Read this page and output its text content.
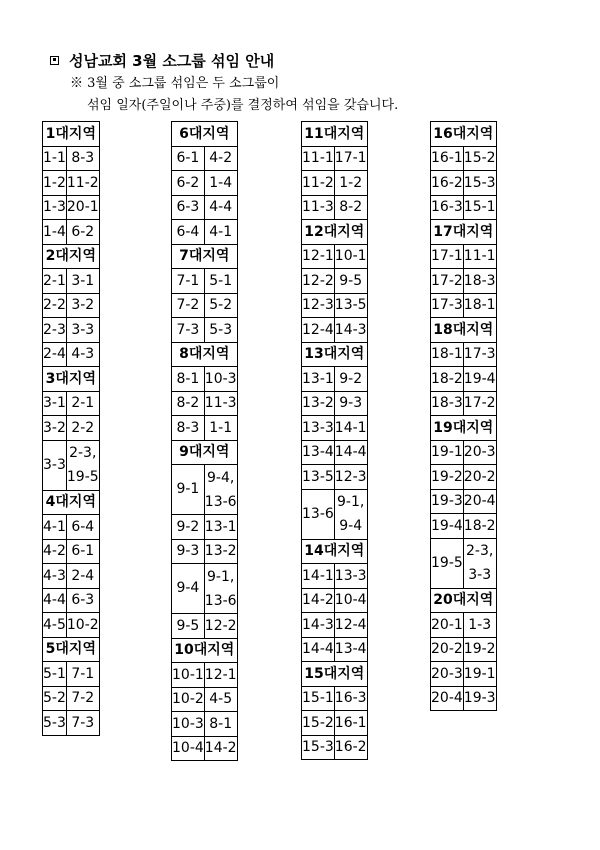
성남교회 3월 소그룹 섞임 안내
※ 3월 중 소그룹 섞임은 두 소그룹이
섞임 일자(주일이나 주중)를 결정하여 섞임을 갖습니다.
1대지역	
1-1	8-3
1-2	11-2
1-3	20-1
1-4	6-2
2대지역	
2-1	3-1
2-2	3-2
2-3	3-3
2-4	4-3
3대지역	
3-1	2-1
3-2	2-2
3-3	2-3,
19-5

4대지역	
4-1	6-4
4-2	6-1
4-3	2-4
4-4	6-3
4-5	10-2
5대지역	
5-1	7-1
5-2	7-2
5-3	7-3
6대지역	
6-1	4-2
6-2	1-4
6-3	4-4
6-4	4-1
7대지역	
7-1	5-1
7-2	5-2
7-3	5-3
8대지역	
8-1	10-3
8-2	11-3
8-3	1-1
9대지역	
9-1	9-4,
13-6

9-2	13-1
9-3	13-2
9-4	9-1,
13-6

9-5	12-2
10대지역	
10-1	12-1
10-2	4-5
10-3	8-1
10-4	14-2
11대지역	
11-1	17-1
11-2	1-2
11-3	8-2
12대지역	
12-1	10-1
12-2	9-5
12-3	13-5
12-4	14-3
13대지역	
13-1	9-2
13-2	9-3
13-3	14-1
13-4	14-4
13-5	12-3
13-6	9-1,
9-4

14대지역	
14-1	13-3
14-2	10-4
14-3	12-4
14-4	13-4
15대지역	
15-1	16-3
15-2	16-1
15-3	16-2
16대지역	
16-1	15-2
16-2	15-3
16-3	15-1
17대지역	
17-1	11-1
17-2	18-3
17-3	18-1
18대지역	
18-1	17-3
18-2	19-4
18-3	17-2
19대지역	
19-1	20-3
19-2	20-2
19-3	20-4
19-4	18-2
19-5	2-3,
3-3

20대지역	
20-1	1-3
20-2	19-2
20-3	19-1
20-4	19-3
